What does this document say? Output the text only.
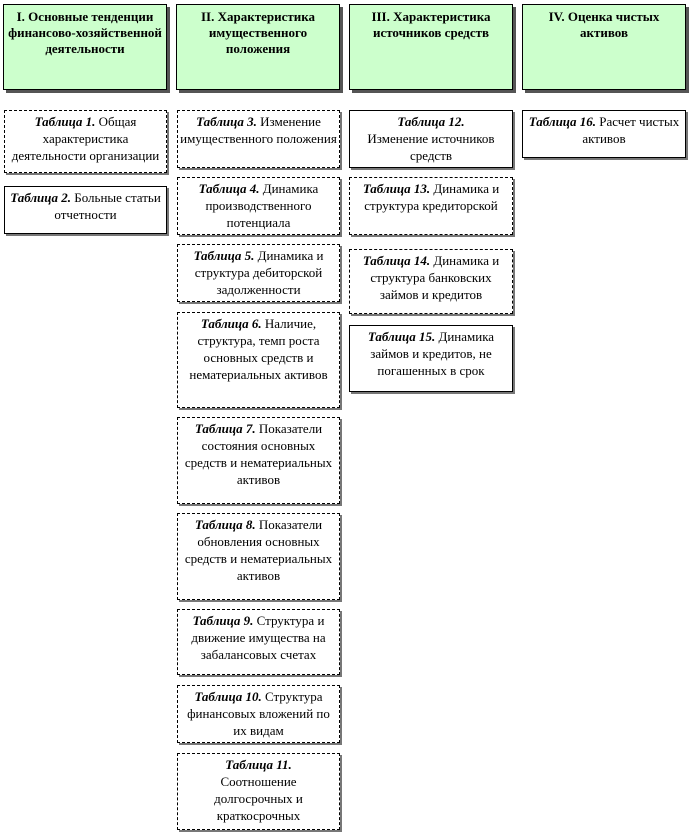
I. Основные тенденции финансово-хозяйственной деятельности
Таблица 1. Общая характеристика деятельности организации
Таблица 2. Больные статьи отчетности
II. Характеристика имущественного положения
Таблица 3. Изменение имущественного положения
Таблица 4. Динамика производственного потенциала
Таблица 5. Динамика и структура дебиторской задолженности
Таблица 6. Наличие, структура, темп роста основных средств и нематериальных активов
Таблица 7. Показатели состояния основных средств и нематериальных активов
Таблица 8. Показатели обновления основных средств и нематериальных активов
Таблица 9. Структура и движение имущества на забалансовых счетах
Таблица 10. Структура финансовых вложений по их видам
Таблица 11.
Соотношение долгосрочных и краткосрочных
III. Характеристика источников средств
Таблица 12.
Изменение источников средств
Таблица 13. Динамика и структура кредиторской
Таблица 14. Динамика и структура банковских займов и кредитов
Таблица 15. Динамика займов и кредитов, не погашенных в срок
IV. Оценка чистых активов
Таблица 16. Расчет чистых активов
